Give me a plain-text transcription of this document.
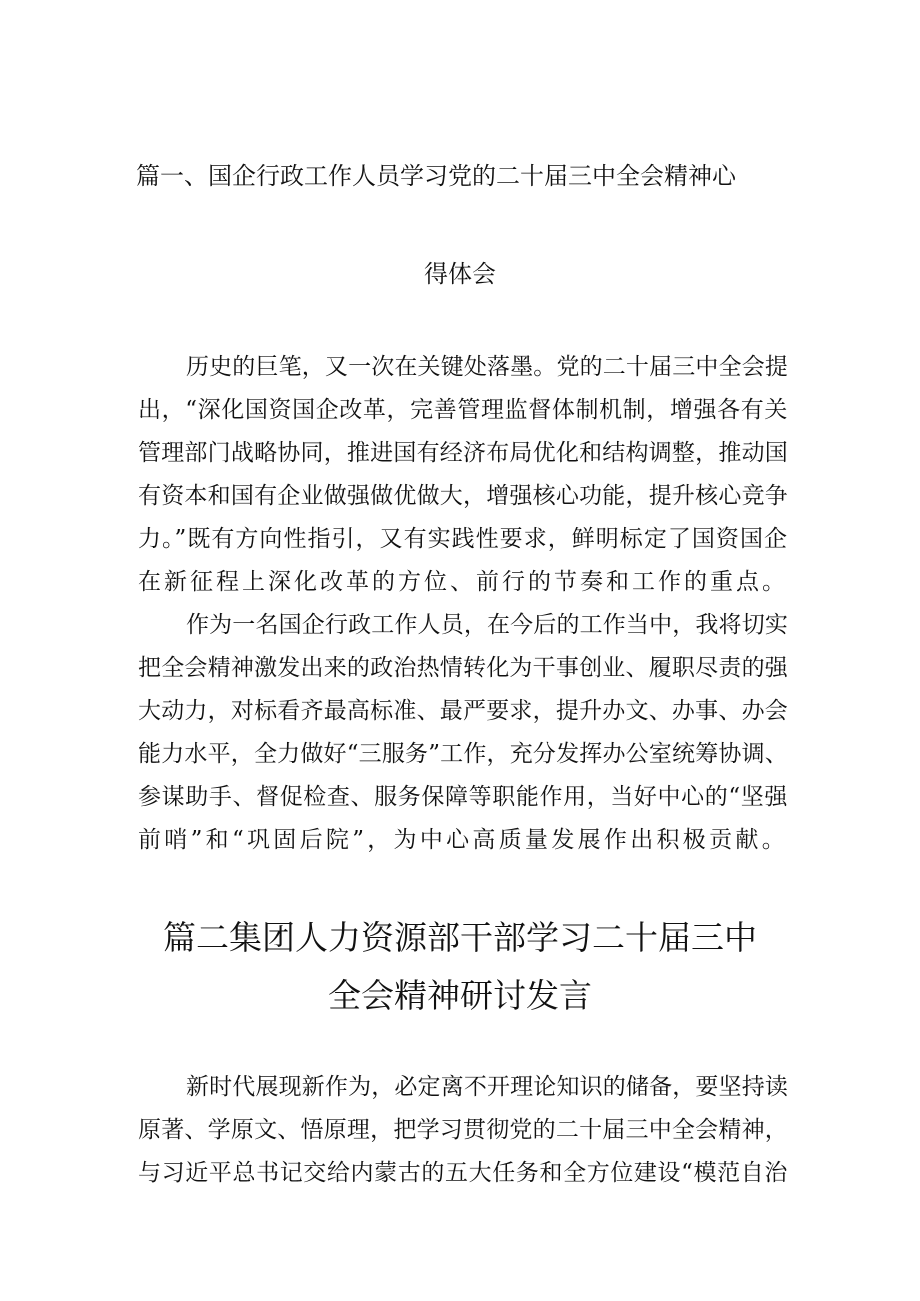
篇一、国企行政工作人员学习党的二十届三中全会精神心
得体会
历史的巨笔，又一次在关键处落墨。党的二十届三中全会提
出，“深化国资国企改革，完善管理监督体制机制，增强各有关
管理部门战略协同，推进国有经济布局优化和结构调整，推动国
有资本和国有企业做强做优做大，增强核心功能，提升核心竞争
力。”既有方向性指引，又有实践性要求，鲜明标定了国资国企
在新征程上深化改革的方位、前行的节奏和工作的重点。
作为一名国企行政工作人员，在今后的工作当中，我将切实
把全会精神激发出来的政治热情转化为干事创业、履职尽责的强
大动力，对标看齐最高标准、最严要求，提升办文、办事、办会
能力水平，全力做好“三服务”工作，充分发挥办公室统筹协调、
参谋助手、督促检查、服务保障等职能作用，当好中心的“坚强
前哨”和“巩固后院”，为中心高质量发展作出积极贡献。
篇二集团人力资源部干部学习二十届三中
全会精神研讨发言
新时代展现新作为，必定离不开理论知识的储备，要坚持读
原著、学原文、悟原理，把学习贯彻党的二十届三中全会精神，
与习近平总书记交给内蒙古的五大任务和全方位建设“模范自治
